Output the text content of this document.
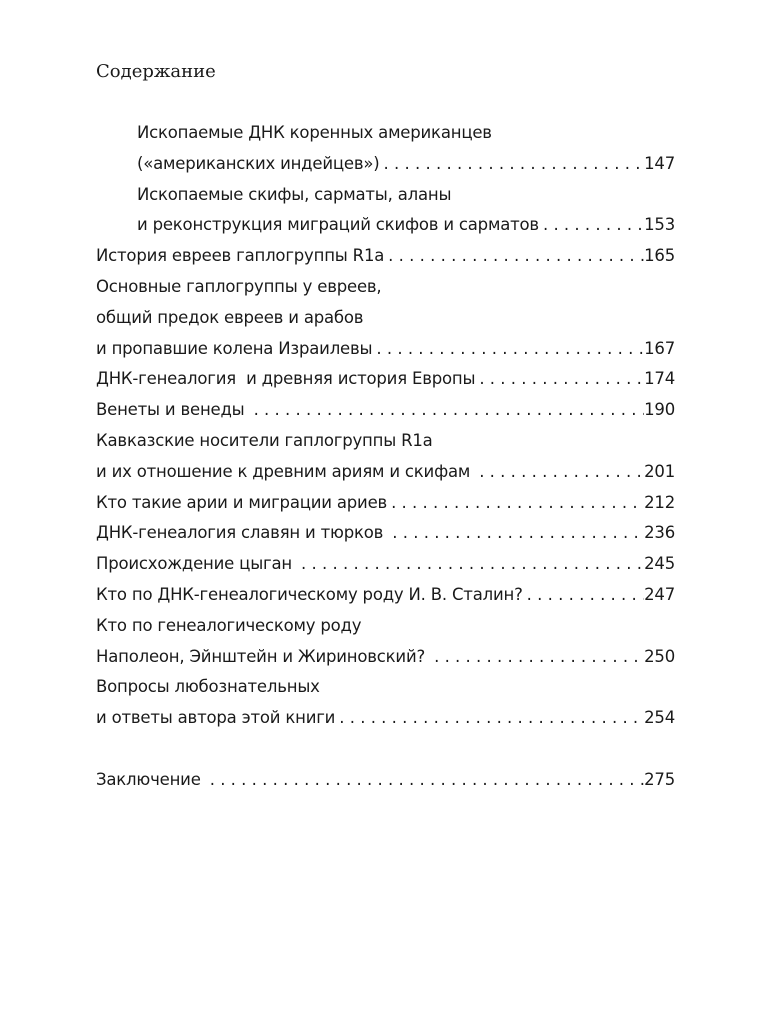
Содержание
Ископаемые ДНК коренных американцев
(«американских индейцев») . . .	147
Ископаемые скифы, сарматы, аланы
и реконструкция миграций скифов и сарматов . . .	153
История евреев гаплогруппы R1a . . .	165
Основные гаплогруппы у евреев,
общий предок евреев и арабов
и пропавшие колена Израилевы . . .	167
ДНК-генеалогия  и древняя история Европы . . .	174
Венеты и венеды . . .	190
Кавказские носители гаплогруппы R1a
и их отношение к древним ариям и скифам . . .	201
Кто такие арии и миграции ариев . . .	212
ДНК-генеалогия славян и тюрков . . .	236
Происхождение цыган . . .	245
Кто по ДНК-генеалогическому роду И. В. Сталин? . . .	247
Кто по генеалогическому роду
Наполеон, Эйнштейн и Жириновский? . . .	250
Вопросы любознательных
и ответы автора этой книги . . .	254
Заключение . . .	275
